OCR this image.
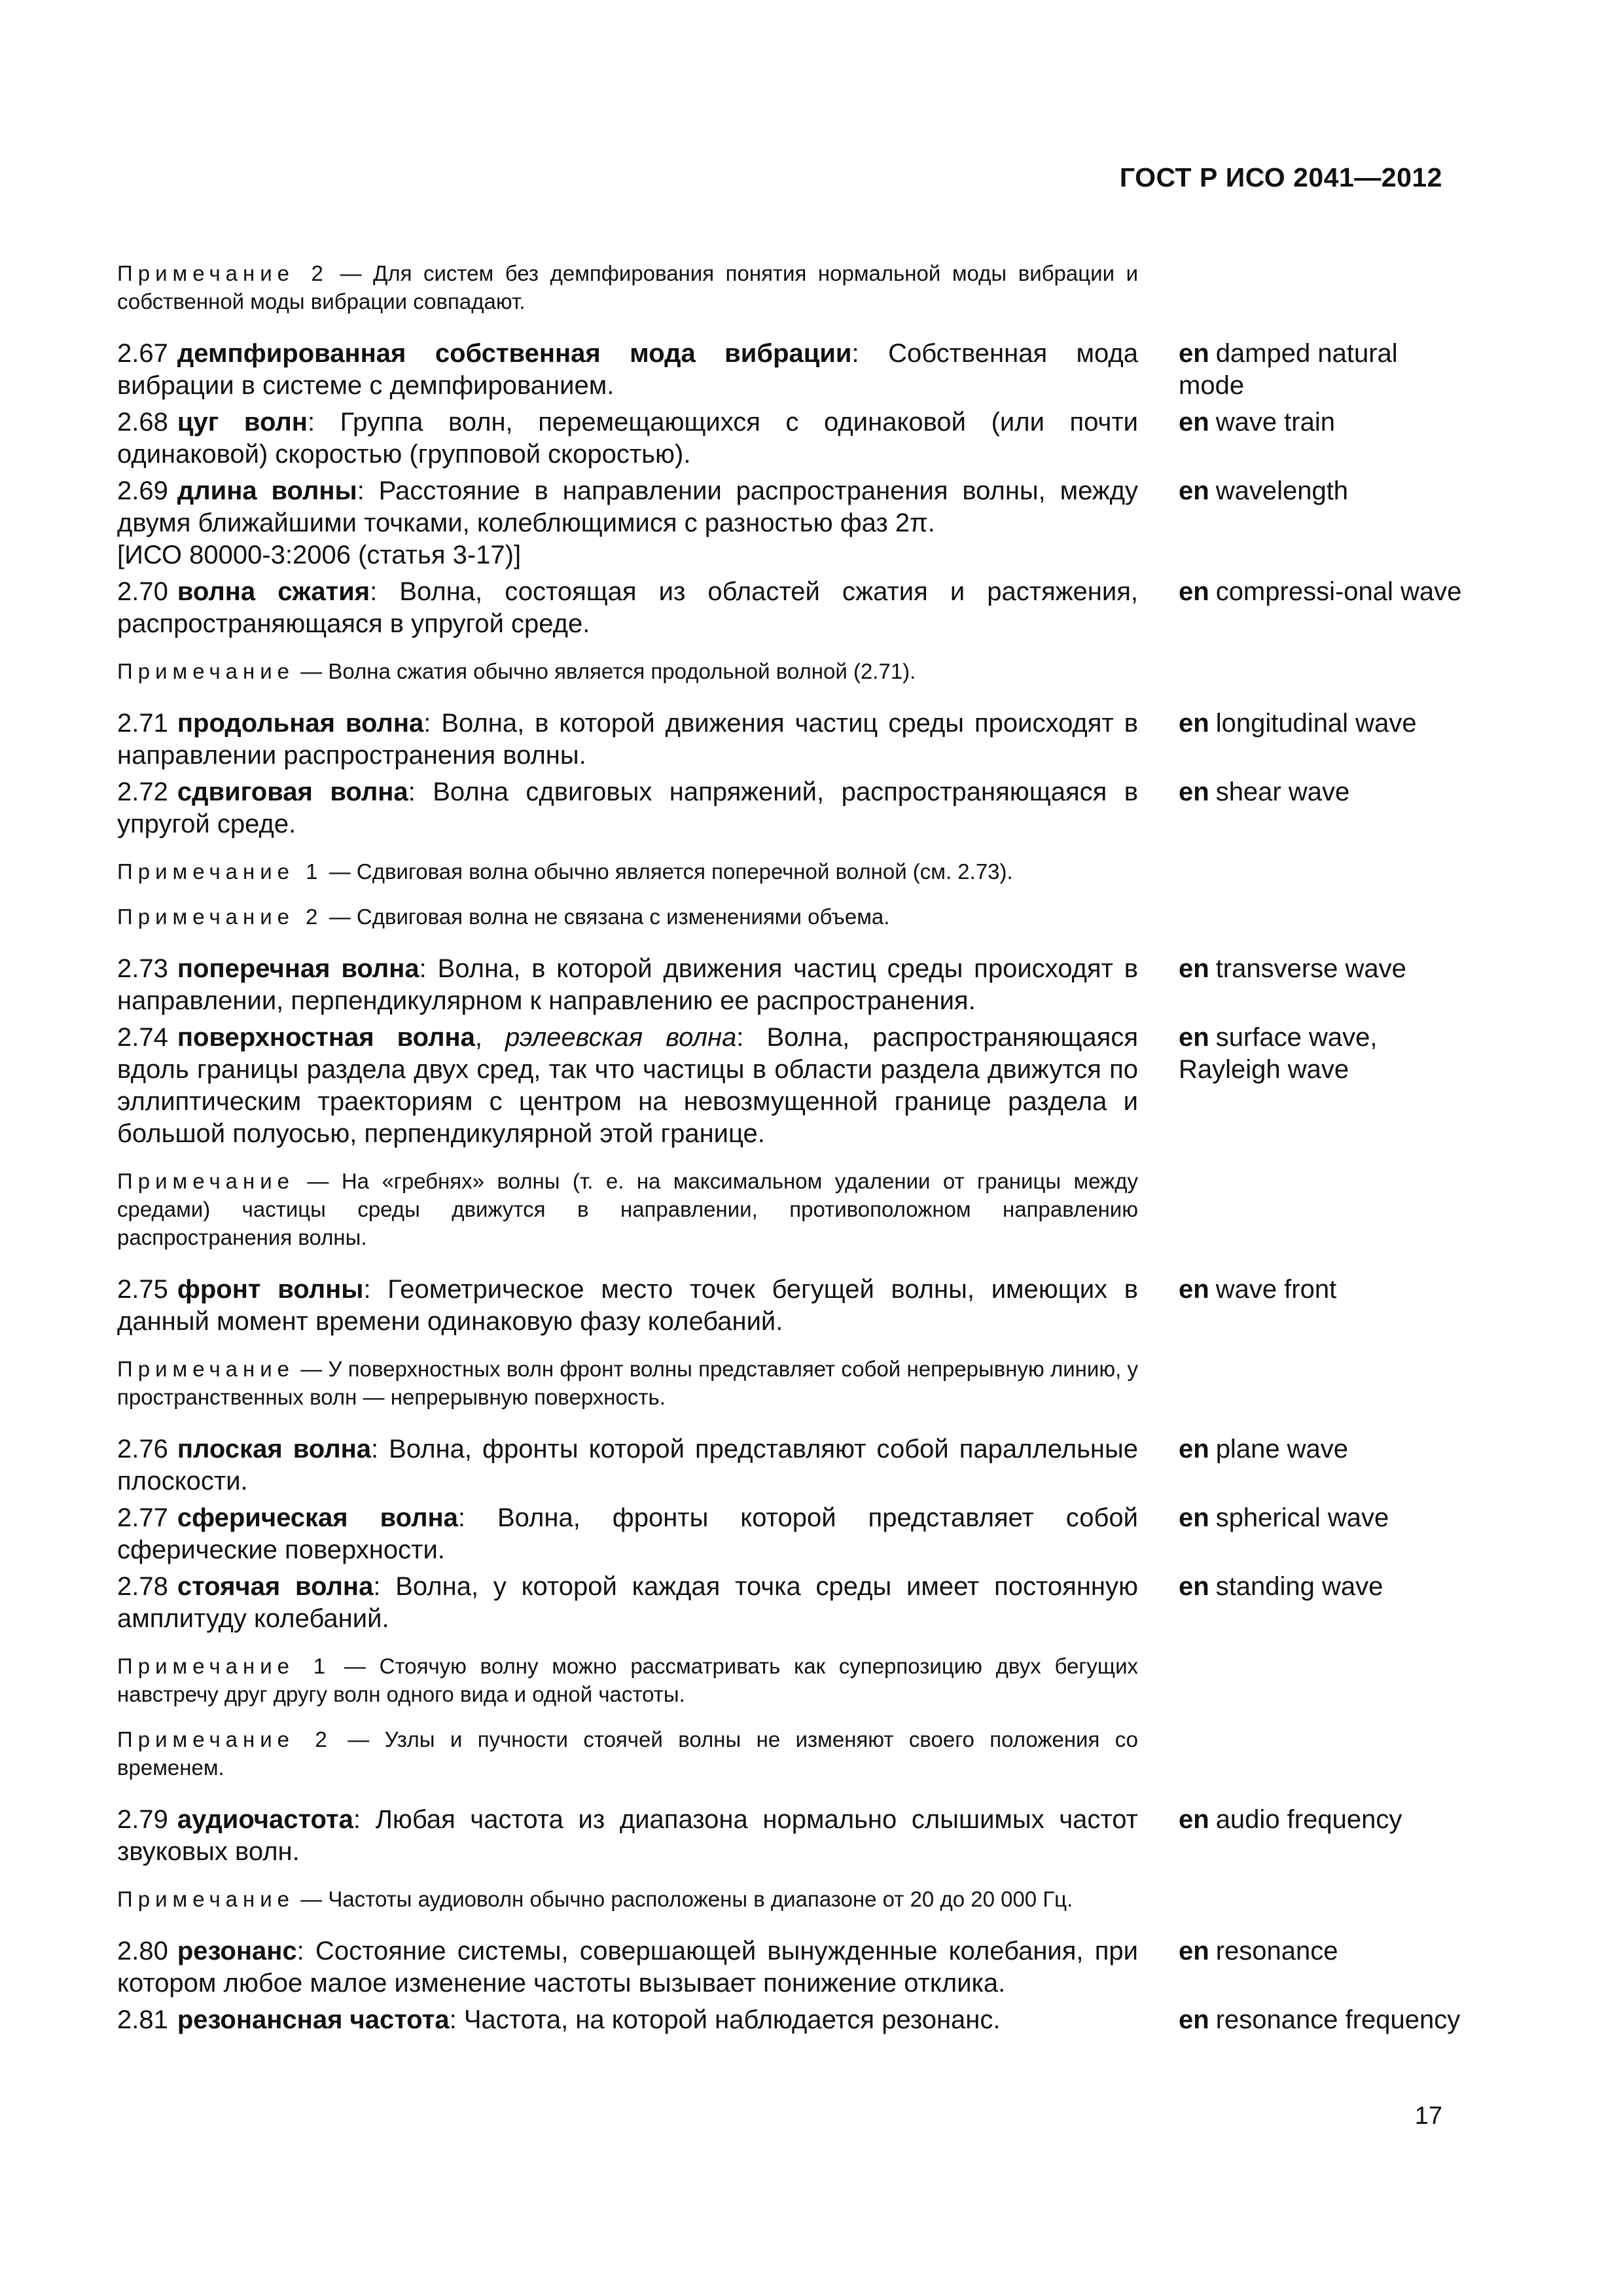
ГОСТ Р ИСО 2041—2012
Примечание 2 — Для систем без демпфирования понятия нормальной моды вибрации и собственной моды вибрации совпадают.
2.67 демпфированная собственная мода вибрации: Собственная мода вибрации в системе с демпфированием.
en damped natural mode
2.68 цуг волн: Группа волн, перемещающихся с одинаковой (или почти одинаковой) скоростью (групповой скоростью).
en wave train
2.69 длина волны: Расстояние в направлении распространения волны, между двумя ближайшими точками, колеблющимися с разностью фаз 2π.
[ИСО 80000-3:2006 (статья 3-17)]
en wavelength
2.70 волна сжатия: Волна, состоящая из областей сжатия и растяжения, распространяющаяся в упругой среде.
en compressi-onal wave
Примечание — Волна сжатия обычно является продольной волной (2.71).
2.71 продольная волна: Волна, в которой движения частиц среды происходят в направлении распространения волны.
en longitudinal wave
2.72 сдвиговая волна: Волна сдвиговых напряжений, распространяющаяся в упругой среде.
en shear wave
Примечание 1 — Сдвиговая волна обычно является поперечной волной (см. 2.73).
Примечание 2 — Сдвиговая волна не связана с изменениями объема.
2.73 поперечная волна: Волна, в которой движения частиц среды происходят в направлении, перпендикулярном к направлению ее распространения.
en transverse wave
2.74 поверхностная волна, рэлеевская волна: Волна, распространяющаяся вдоль границы раздела двух сред, так что частицы в области раздела движутся по эллиптическим траекториям с центром на невозмущенной границе раздела и большой полуосью, перпендикулярной этой границе.
en surface wave, Rayleigh wave
Примечание — На «гребнях» волны (т. е. на максимальном удалении от границы между средами) частицы среды движутся в направлении, противоположном направлению распространения волны.
2.75 фронт волны: Геометрическое место точек бегущей волны, имеющих в данный момент времени одинаковую фазу колебаний.
en wave front
Примечание — У поверхностных волн фронт волны представляет собой непрерывную линию, у пространственных волн — непрерывную поверхность.
2.76 плоская волна: Волна, фронты которой представляют собой параллельные плоскости.
en plane wave
2.77 сферическая волна: Волна, фронты которой представляет собой сферические поверхности.
en spherical wave
2.78 стоячая волна: Волна, у которой каждая точка среды имеет постоянную амплитуду колебаний.
en standing wave
Примечание 1 — Стоячую волну можно рассматривать как суперпозицию двух бегущих навстречу друг другу волн одного вида и одной частоты.
Примечание 2 — Узлы и пучности стоячей волны не изменяют своего положения со временем.
2.79 аудиочастота: Любая частота из диапазона нормально слышимых частот звуковых волн.
en audio frequency
Примечание — Частоты аудиоволн обычно расположены в диапазоне от 20 до 20 000 Гц.
2.80 резонанс: Состояние системы, совершающей вынужденные колебания, при котором любое малое изменение частоты вызывает понижение отклика.
en resonance
2.81 резонансная частота: Частота, на которой наблюдается резонанс.	en resonance frequency
17
